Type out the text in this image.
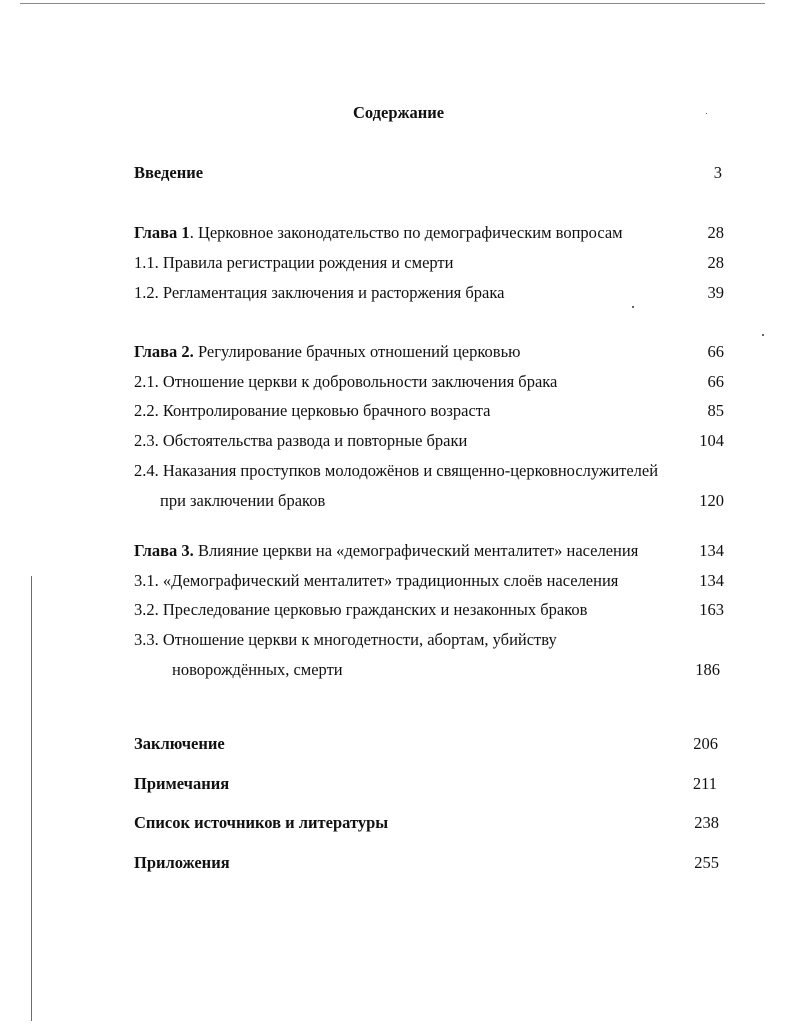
Содержание
Введение	3
Глава 1. Церковное законодательство по демографическим вопросам	28
1.1. Правила регистрации рождения и смерти	28
1.2. Регламентация заключения и расторжения брака	39
Глава 2. Регулирование брачных отношений церковью	66
2.1. Отношение церкви к добровольности заключения брака	66
2.2. Контролирование церковью брачного возраста	85
2.3. Обстоятельства развода и повторные браки	104
2.4. Наказания проступков молодожёнов и священно-церковнослужителей
при заключении браков	120
Глава 3. Влияние церкви на «демографический менталитет» населения	134
3.1. «Демографический менталитет» традиционных слоёв населения	134
3.2. Преследование церковью гражданских и незаконных браков	163
3.3. Отношение церкви к многодетности, абортам, убийству
новорождённых, смерти	186
Заключение	206
Примечания	211
Список источников и литературы	238
Приложения	255
